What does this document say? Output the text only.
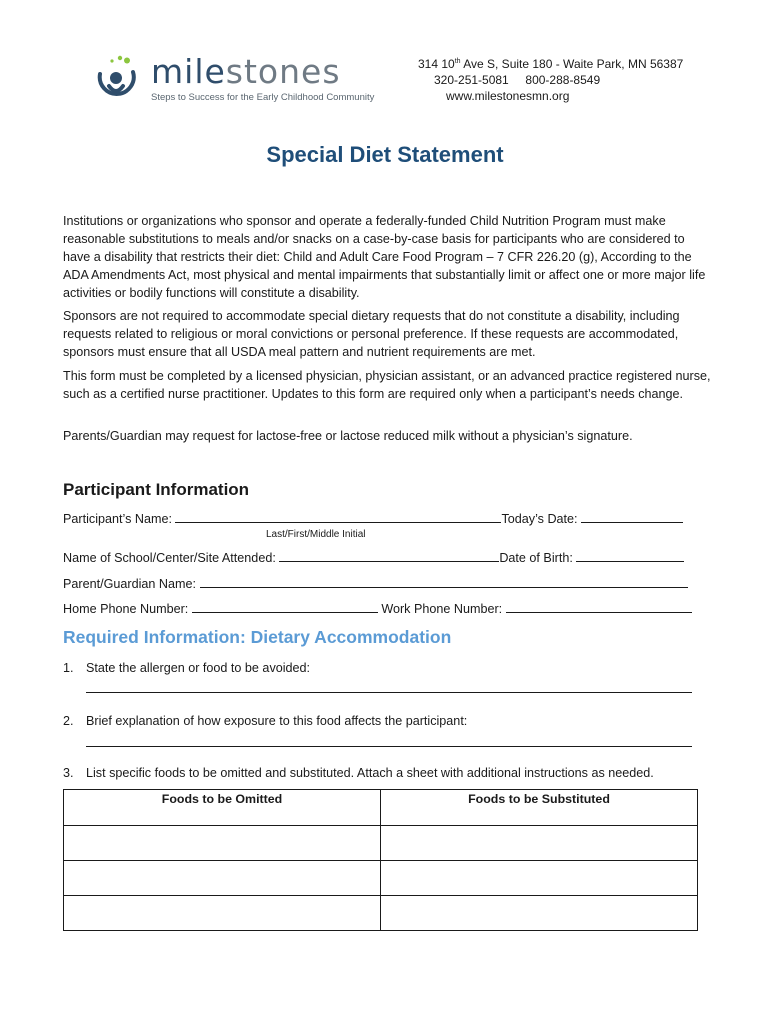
milestones
Steps to Success for the Early Childhood Community
314 10th Ave S, Suite 180 - Waite Park, MN 56387
320-251-5081     800-288-8549
www.milestonesmn.org
Special Diet Statement
Institutions or organizations who sponsor and operate a federally-funded Child Nutrition Program must make reasonable substitutions to meals and/or snacks on a case-by-case basis for participants who are considered to have a disability that restricts their diet: Child and Adult Care Food Program – 7 CFR 226.20 (g), According to the ADA Amendments Act, most physical and mental impairments that substantially limit or affect one or more major life activities or bodily functions will constitute a disability.
Sponsors are not required to accommodate special dietary requests that do not constitute a disability, including requests related to religious or moral convictions or personal preference. If these requests are accommodated, sponsors must ensure that all USDA meal pattern and nutrient requirements are met.
This form must be completed by a licensed physician, physician assistant, or an advanced practice registered nurse, such as a certified nurse practitioner. Updates to this form are required only when a participant’s needs change.
Parents/Guardian may request for lactose-free or lactose reduced milk without a physician’s signature.
Participant Information
Participant’s Name:	Today’s Date:
Last/First/Middle Initial
Name of School/Center/Site Attended:	Date of Birth:
Parent/Guardian Name:
Home Phone Number:	Work Phone Number:
Required Information: Dietary Accommodation
1. State the allergen or food to be avoided:
2. Brief explanation of how exposure to this food affects the participant:
3. List specific foods to be omitted and substituted. Attach a sheet with additional instructions as needed.
Foods to be Omitted	Foods to be Substituted
